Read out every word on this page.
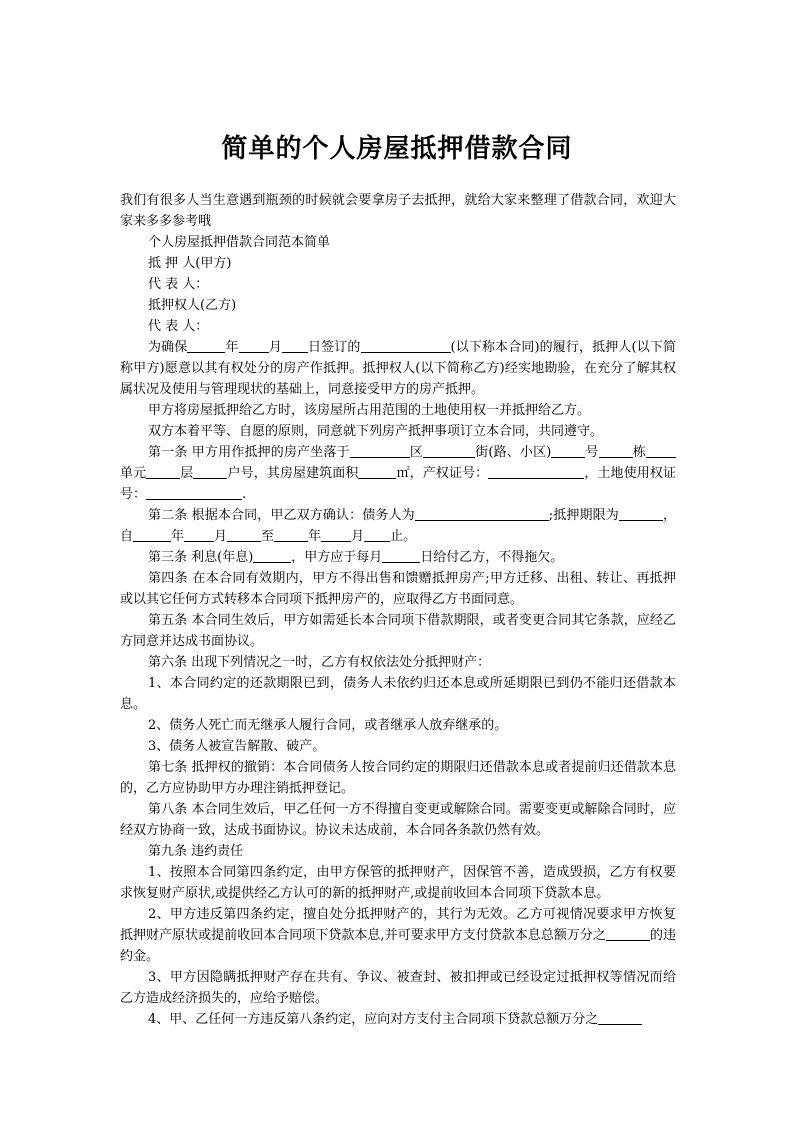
简单的个人房屋抵押借款合同

我们有很多人当生意遇到瓶颈的时候就会要拿房子去抵押，就给大家来整理了借款合同，欢迎大家来多多参考哦

个人房屋抵押借款合同范本简单

抵 押 人(甲方)

代 表 人：

抵押权人(乙方)

代 表 人：

为确保	年 月 日签订的	(以下称本合同)的履行，抵押人(以下简称甲方)愿意以其有权处分的房产作抵押。抵押权人(以下简称乙方)经实地勘验，在充分了解其权属状况及使用与管理现状的基础上，同意接受甲方的房产抵押。

甲方将房屋抵押给乙方时，该房屋所占用范围的土地使用权一并抵押给乙方。

双方本着平等、自愿的原则，同意就下列房产抵押事项订立本合同，共同遵守。

第一条 甲方用作抵押的房产坐落于	区	街(路、小区)	号	栋单元	层	户号，其房屋建筑面积	㎡，产权证号：	，土地使用权证号：	.

第二条 根据本合同，甲乙双方确认：债务人为	;抵押期限为	，自	年 月	至	年 月 止。

第三条 利息(年息)	，甲方应于每月	日给付乙方，不得拖欠。

第四条 在本合同有效期内，甲方不得出售和馈赠抵押房产;甲方迁移、出租、转让、再抵押或以其它任何方式转移本合同项下抵押房产的，应取得乙方书面同意。

第五条 本合同生效后，甲方如需延长本合同项下借款期限，或者变更合同其它条款，应经乙方同意并达成书面协议。

第六条 出现下列情况之一时，乙方有权依法处分抵押财产：

1、本合同约定的还款期限已到，债务人未依约归还本息或所延期限已到仍不能归还借款本息。

2、债务人死亡而无继承人履行合同，或者继承人放弃继承的。

3、债务人被宣告解散、破产。

第七条 抵押权的撤销：本合同债务人按合同约定的期限归还借款本息或者提前归还借款本息的，乙方应协助甲方办理注销抵押登记。

第八条 本合同生效后，甲乙任何一方不得擅自变更或解除合同。需要变更或解除合同时，应经双方协商一致，达成书面协议。协议未达成前，本合同各条款仍然有效。

第九条 违约责任

1、按照本合同第四条约定，由甲方保管的抵押财产，因保管不善，造成毁损，乙方有权要求恢复财产原状,或提供经乙方认可的新的抵押财产,或提前收回本合同项下贷款本息。

2、甲方违反第四条约定，擅自处分抵押财产的，其行为无效。乙方可视情况要求甲方恢复抵押财产原状或提前收回本合同项下贷款本息,并可要求甲方支付贷款本息总额万分之	的违约金。

3、甲方因隐瞒抵押财产存在共有、争议、被查封、被扣押或已经设定过抵押权等情况而给乙方造成经济损失的，应给予赔偿。

4、甲、乙任何一方违反第八条约定，应向对方支付主合同项下贷款总额万分之
